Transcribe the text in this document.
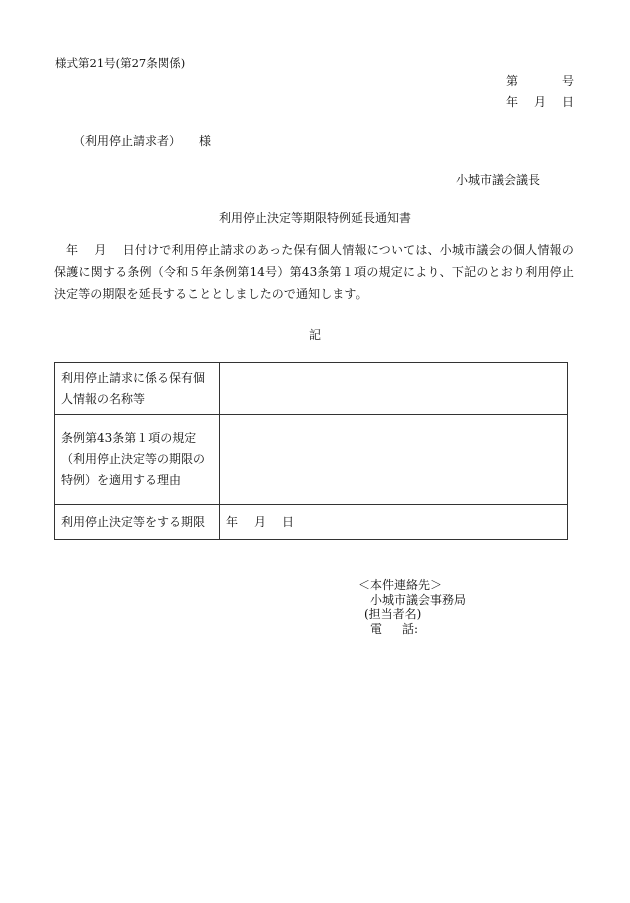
様式第21号(第27条関係)
第	号
年 月 日
（利用停止請求者） 様
小城市議会議長
利用停止決定等期限特例延長通知書
年 月 日付けで利用停止請求のあった保有個人情報については、小城市議会の個人情報の保護に関する条例（令和５年条例第14号）第43条第１項の規定により、下記のとおり利用停止決定等の期限を延長することとしましたので通知します。
記
利用停止請求に係る保有個人情報の名称等	
条例第43条第１項の規定（利用停止決定等の期限の特例）を適用する理由	
利用停止決定等をする期限	年 月 日
＜本件連絡先＞
小城市議会事務局
(担当者名)
電 話:
